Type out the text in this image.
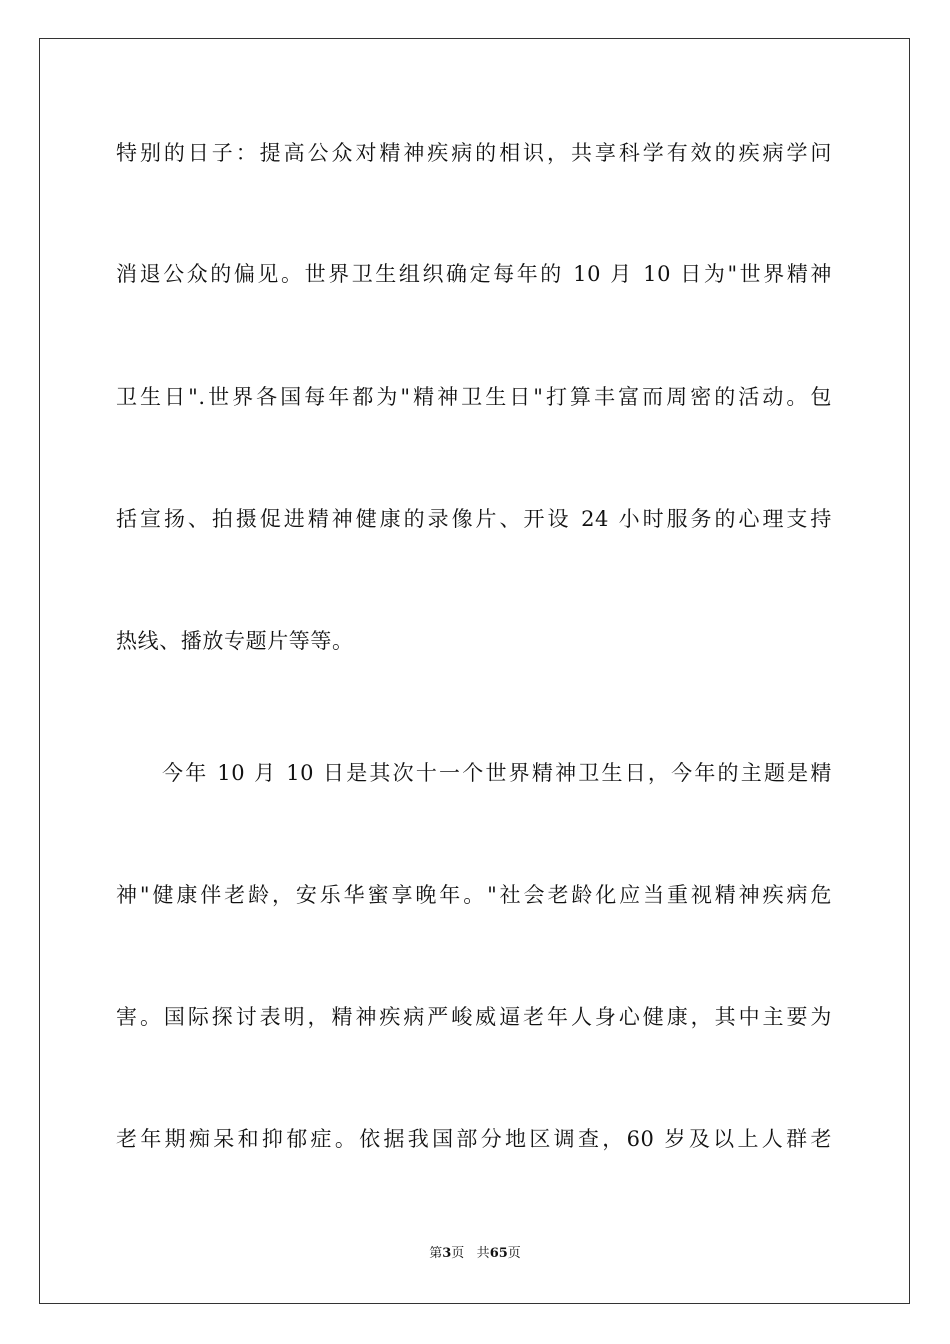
特别的日子：提高公众对精神疾病的相识，共享科学有效的疾病学问
消退公众的偏见。世界卫生组织确定每年的 10 月 10 日为"世界精神
卫生日".世界各国每年都为"精神卫生日"打算丰富而周密的活动。包
括宣扬、拍摄促进精神健康的录像片、开设 24 小时服务的心理支持
热线、播放专题片等等。
今年 10 月 10 日是其次十一个世界精神卫生日，今年的主题是精
神"健康伴老龄，安乐华蜜享晚年。"社会老龄化应当重视精神疾病危
害。国际探讨表明，精神疾病严峻威逼老年人身心健康，其中主要为
老年期痴呆和抑郁症。依据我国部分地区调查，60 岁及以上人群老
第3页 共65页
